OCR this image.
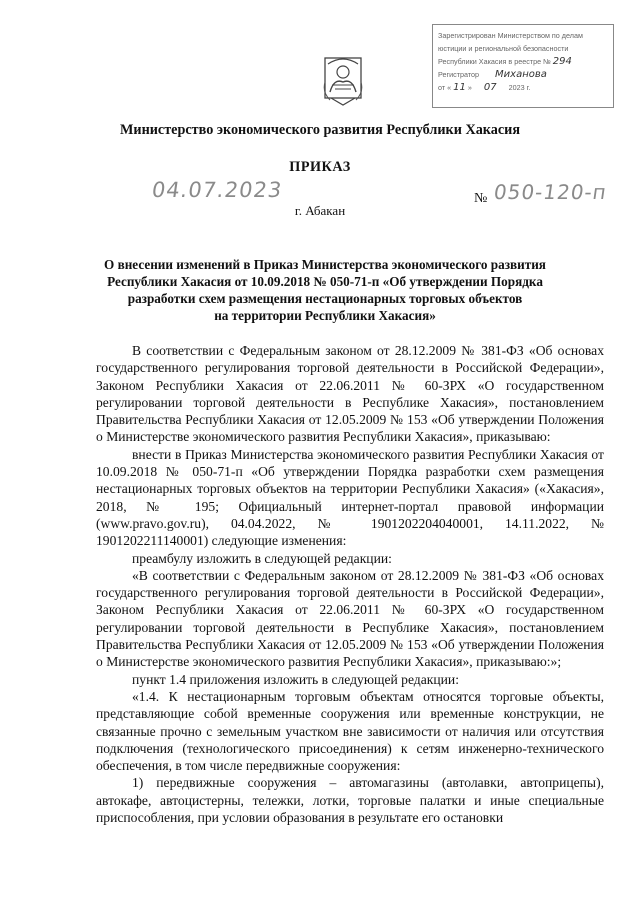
Зарегистрирован Министерством по делам
юстиции и региональной безопасности
Республики Хакасия в реестре № 294
Регистратор Миханова
от « 11 » 07 2023 г.
Министерство экономического развития Республики Хакасия
ПРИКАЗ
04.07.2023	№ 050-120-п
г. Абакан
О внесении изменений в Приказ Министерства экономического развития
Республики Хакасия от 10.09.2018 № 050-71-п «Об утверждении Порядка
разработки схем размещения нестационарных торговых объектов
на территории Республики Хакасия»

В соответствии с Федеральным законом от 28.12.2009 № 381-ФЗ «Об основах государственного регулирования торговой деятельности в Российской Федерации», Законом Республики Хакасия от 22.06.2011 № 60-ЗРХ «О государственном регулировании торговой деятельности в Республике Хакасия», постановлением Правительства Республики Хакасия от 12.05.2009 № 153 «Об утверждении Положения о Министерстве экономического развития Республики Хакасия», приказываю:

внести в Приказ Министерства экономического развития Республики Хакасия от 10.09.2018 № 050-71-п «Об утверждении Порядка разработки схем размещения нестационарных торговых объектов на территории Республики Хакасия» («Хакасия», 2018, № 195; Официальный интернет-портал правовой информации (www.pravo.gov.ru), 04.04.2022, № 1901202204040001, 14.11.2022, № 1901202211140001) следующие изменения:

преамбулу изложить в следующей редакции:

«В соответствии с Федеральным законом от 28.12.2009 № 381-ФЗ «Об основах государственного регулирования торговой деятельности в Российской Федерации», Законом Республики Хакасия от 22.06.2011 № 60-ЗРХ «О государственном регулировании торговой деятельности в Республике Хакасия», постановлением Правительства Республики Хакасия от 12.05.2009 № 153 «Об утверждении Положения о Министерстве экономического развития Республики Хакасия», приказываю:»;

пункт 1.4 приложения изложить в следующей редакции:

«1.4. К нестационарным торговым объектам относятся торговые объекты, представляющие собой временные сооружения или временные конструкции, не связанные прочно с земельным участком вне зависимости от наличия или отсутствия подключения (технологического присоединения) к сетям инженерно-технического обеспечения, в том числе передвижные сооружения:

1) передвижные сооружения – автомагазины (автолавки, автоприцепы), автокафе, автоцистерны, тележки, лотки, торговые палатки и иные специальные приспособления, при условии образования в результате его остановки
